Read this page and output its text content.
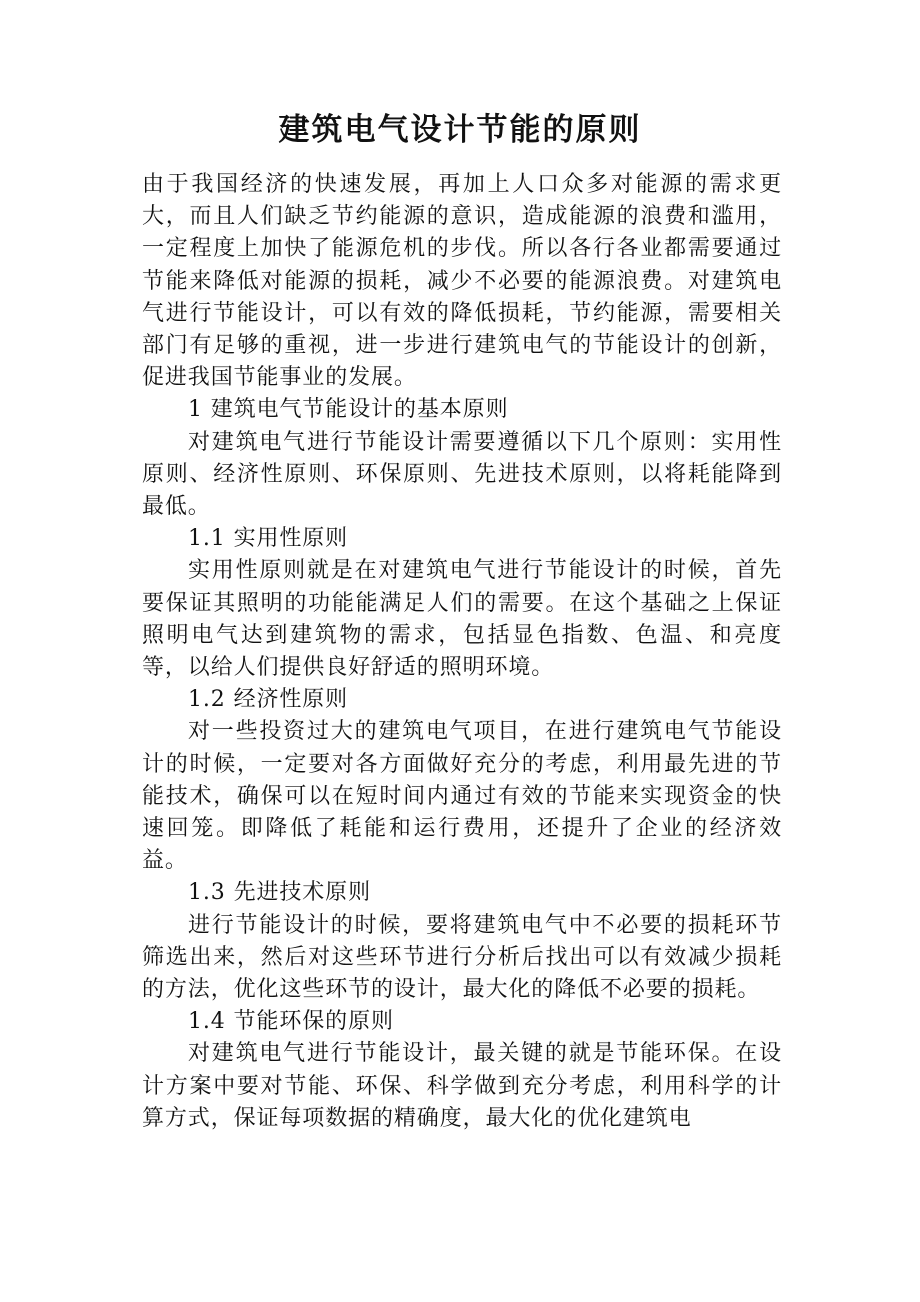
建筑电气设计节能的原则

由于我国经济的快速发展，再加上人口众多对能源的需求更大，而且人们缺乏节约能源的意识，造成能源的浪费和滥用，一定程度上加快了能源危机的步伐。所以各行各业都需要通过节能来降低对能源的损耗，减少不必要的能源浪费。对建筑电气进行节能设计，可以有效的降低损耗，节约能源，需要相关部门有足够的重视，进一步进行建筑电气的节能设计的创新，促进我国节能事业的发展。

1 建筑电气节能设计的基本原则

对建筑电气进行节能设计需要遵循以下几个原则：实用性原则、经济性原则、环保原则、先进技术原则，以将耗能降到最低。

1.1 实用性原则

实用性原则就是在对建筑电气进行节能设计的时候，首先要保证其照明的功能能满足人们的需要。在这个基础之上保证照明电气达到建筑物的需求，包括显色指数、色温、和亮度等，以给人们提供良好舒适的照明环境。

1.2 经济性原则

对一些投资过大的建筑电气项目，在进行建筑电气节能设计的时候，一定要对各方面做好充分的考虑，利用最先进的节能技术，确保可以在短时间内通过有效的节能来实现资金的快速回笼。即降低了耗能和运行费用，还提升了企业的经济效益。

1.3 先进技术原则

进行节能设计的时候，要将建筑电气中不必要的损耗环节筛选出来，然后对这些环节进行分析后找出可以有效减少损耗的方法，优化这些环节的设计，最大化的降低不必要的损耗。

1.4 节能环保的原则

对建筑电气进行节能设计，最关键的就是节能环保。在设计方案中要对节能、环保、科学做到充分考虑，利用科学的计算方式，保证每项数据的精确度，最大化的优化建筑电
